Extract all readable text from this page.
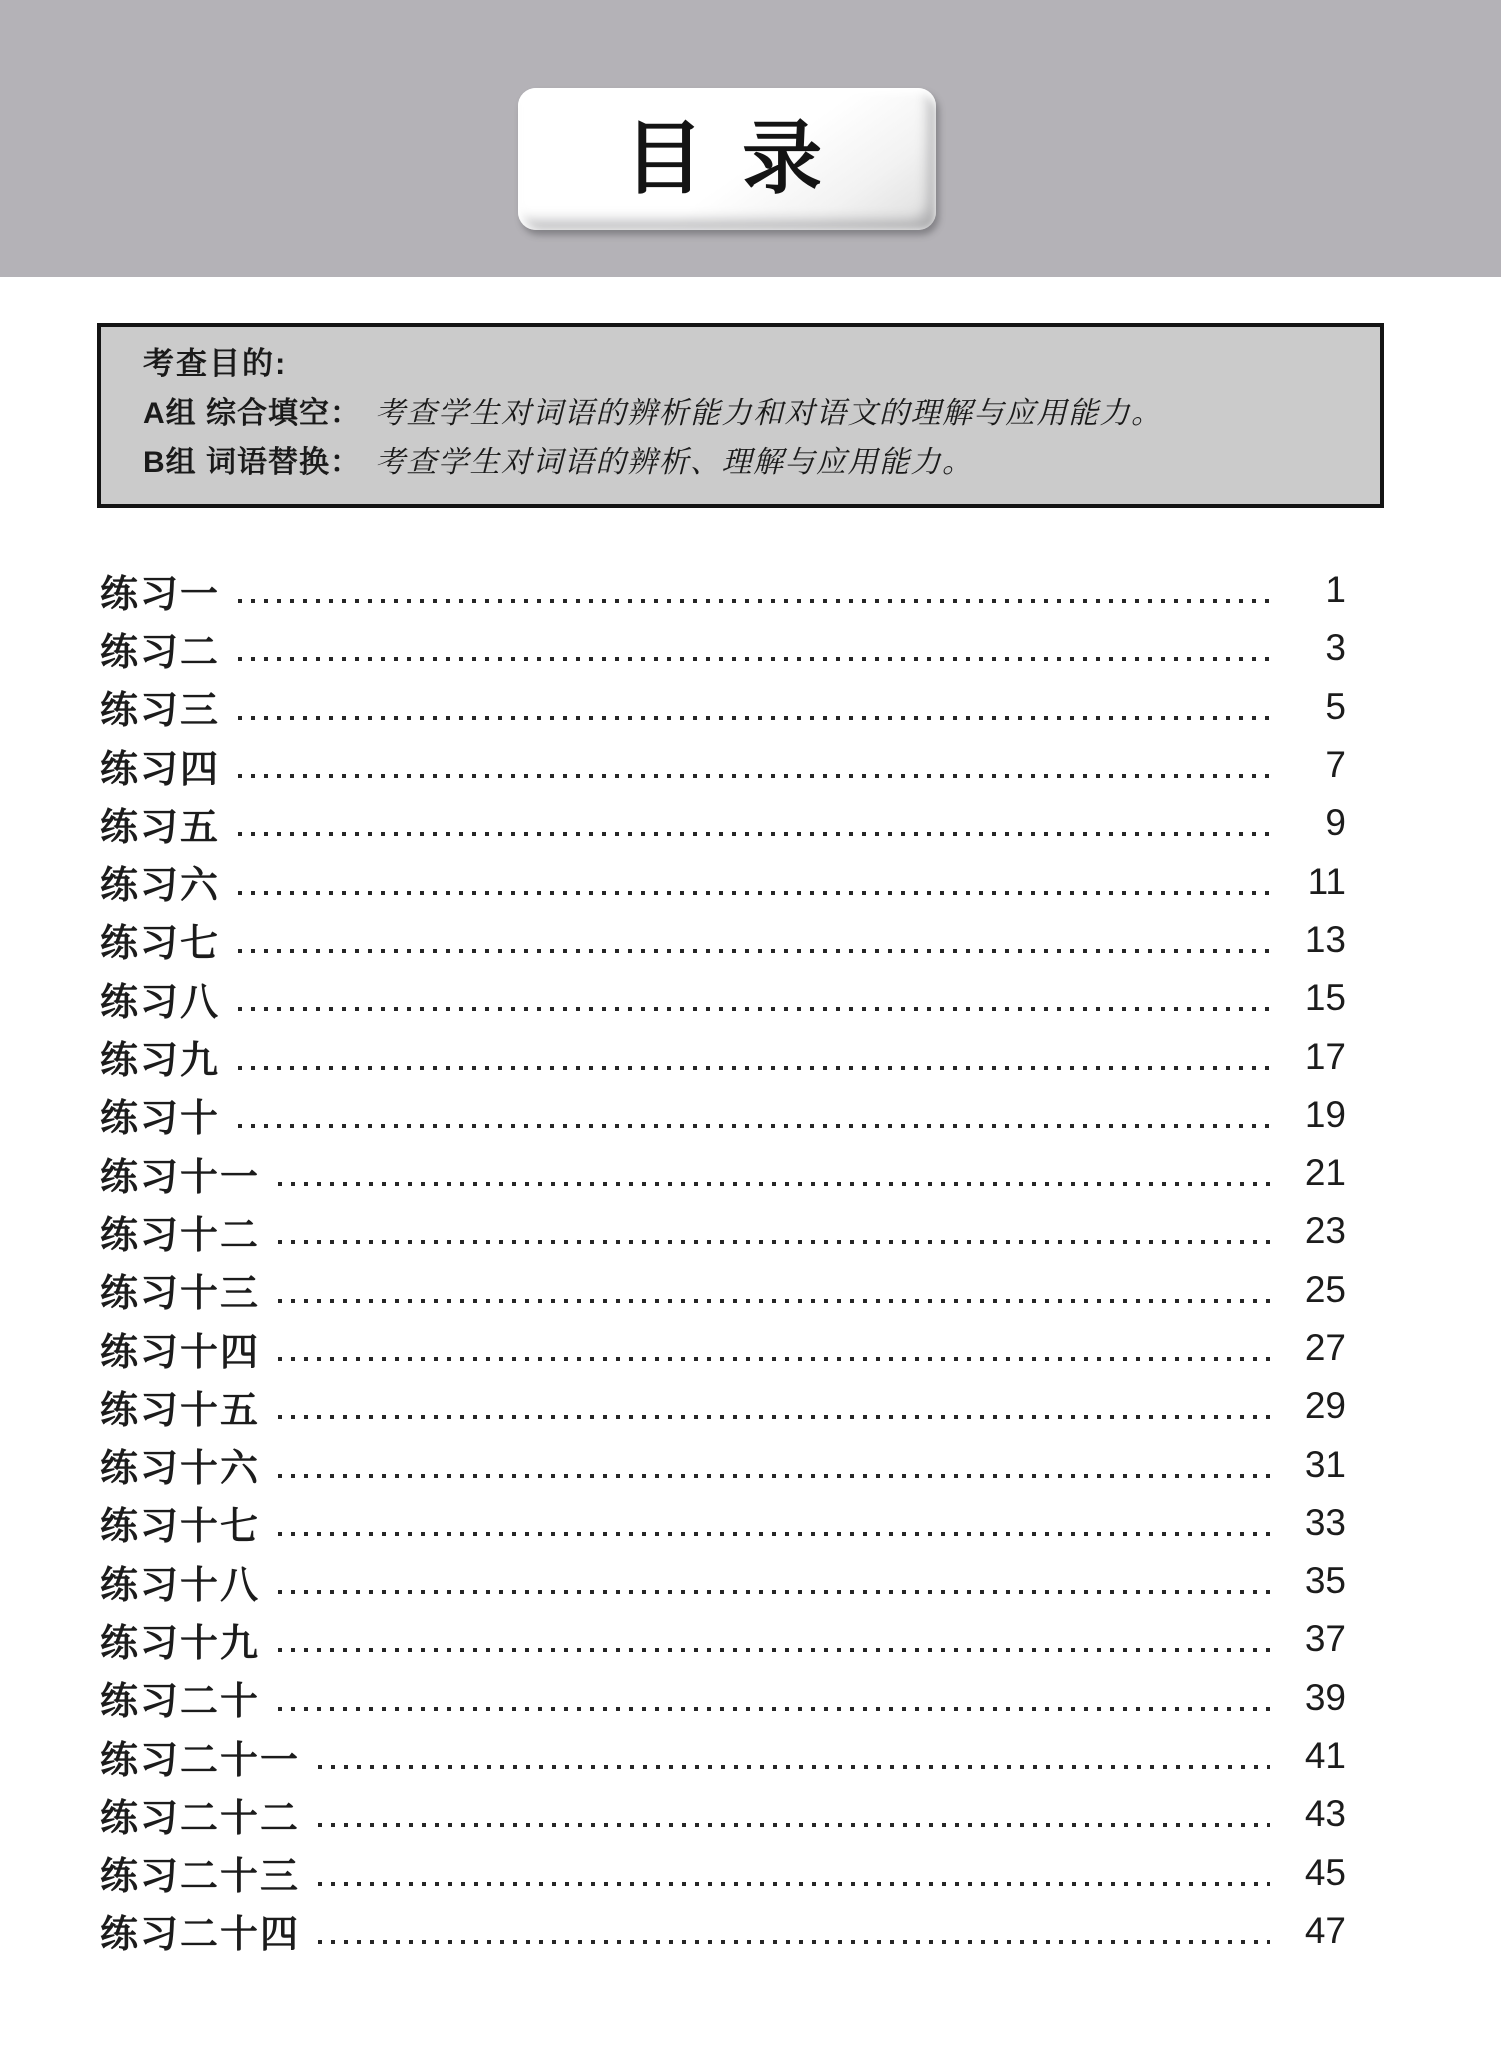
目 录
考查目的:
A组 综合填空： 考查学生对词语的辨析能力和对语文的理解与应用能力。
B组 词语替换： 考查学生对词语的辨析、理解与应用能力。
练习一	1
练习二	3
练习三	5
练习四	7
练习五	9
练习六	11
练习七	13
练习八	15
练习九	17
练习十	19
练习十一	21
练习十二	23
练习十三	25
练习十四	27
练习十五	29
练习十六	31
练习十七	33
练习十八	35
练习十九	37
练习二十	39
练习二十一	41
练习二十二	43
练习二十三	45
练习二十四	47
